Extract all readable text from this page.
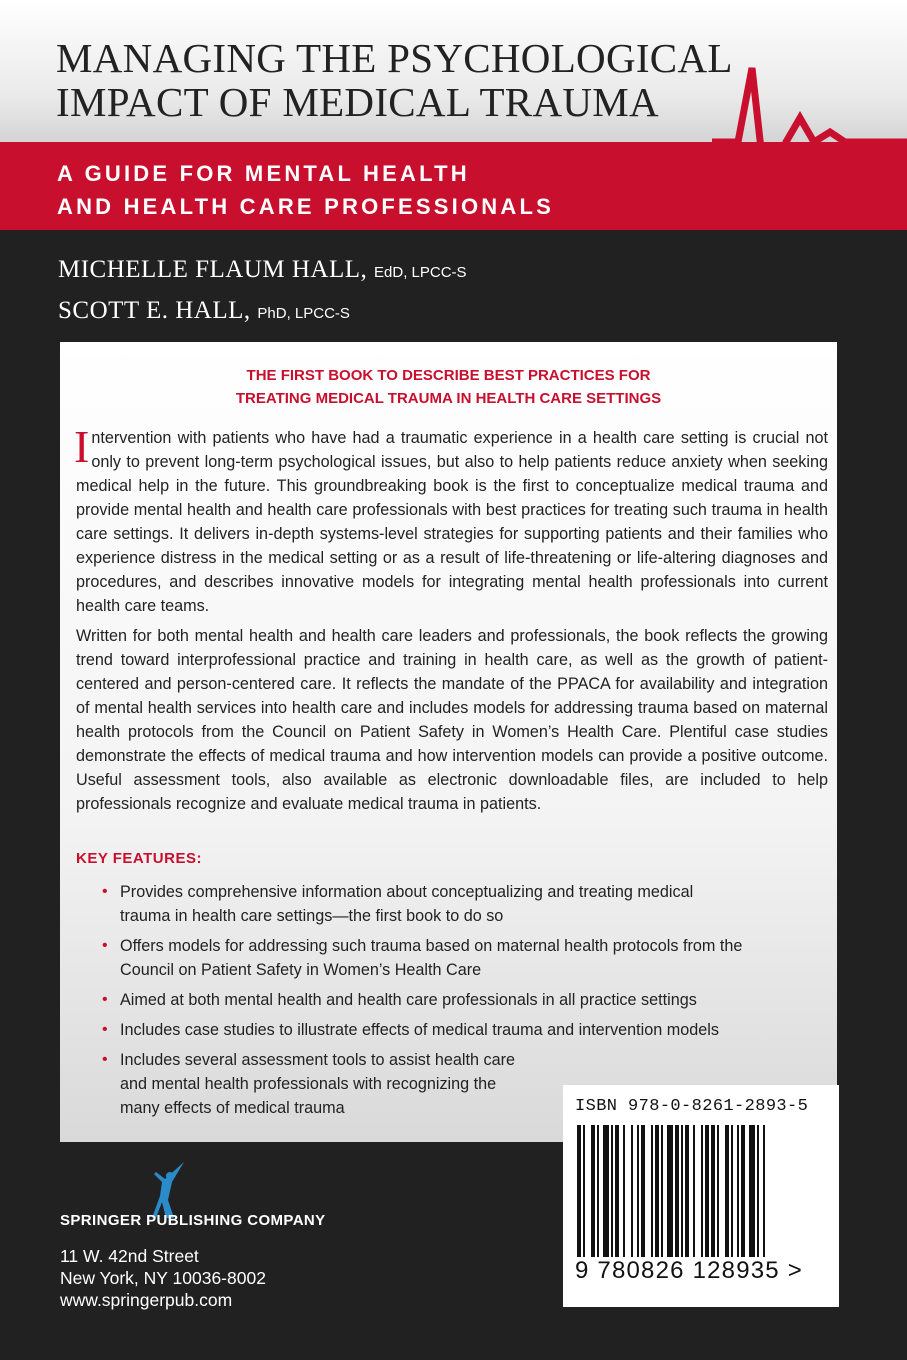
MANAGING THE PSYCHOLOGICAL
IMPACT OF MEDICAL TRAUMA
A GUIDE FOR MENTAL HEALTH
AND HEALTH CARE PROFESSIONALS
MICHELLE FLAUM HALL, EdD, LPCC-S
SCOTT E. HALL, PhD, LPCC-S
THE FIRST BOOK TO DESCRIBE BEST PRACTICES FOR
TREATING MEDICAL TRAUMA IN HEALTH CARE SETTINGS
Intervention with patients who have had a traumatic experience in a health care setting is crucial not only to prevent long-term psychological issues, but also to help patients reduce anxiety when seeking medical help in the future. This groundbreaking book is the first to conceptualize medical trauma and provide mental health and health care professionals with best practices for treating such trauma in health care settings. It delivers in-depth systems-level strategies for supporting patients and their families who experience distress in the medical setting or as a result of life-threatening or life-altering diagnoses and procedures, and describes innovative models for integrating mental health professionals into current health care teams.
Written for both mental health and health care leaders and professionals, the book reflects the growing trend toward interprofessional practice and training in health care, as well as the growth of patient-centered and person-centered care. It reflects the mandate of the PPACA for availability and integration of mental health services into health care and includes models for addressing trauma based on maternal health protocols from the Council on Patient Safety in Women’s Health Care. Plentiful case studies demonstrate the effects of medical trauma and how intervention models can provide a positive outcome. Useful assessment tools, also available as electronic downloadable files, are included to help professionals recognize and evaluate medical trauma in patients.
KEY FEATURES:
• Provides comprehensive information about conceptualizing and treating medical trauma in health care settings—the first book to do so
• Offers models for addressing such trauma based on maternal health protocols from the Council on Patient Safety in Women’s Health Care
• Aimed at both mental health and health care professionals in all practice settings
• Includes case studies to illustrate effects of medical trauma and intervention models
• Includes several assessment tools to assist health care and mental health professionals with recognizing the many effects of medical trauma	ISBN 978-0-8261-2893-5
9 780826 128935 >
SPRINGER PUBLISHING COMPANY
11 W. 42nd Street
New York, NY 10036-8002
www.springerpub.com
